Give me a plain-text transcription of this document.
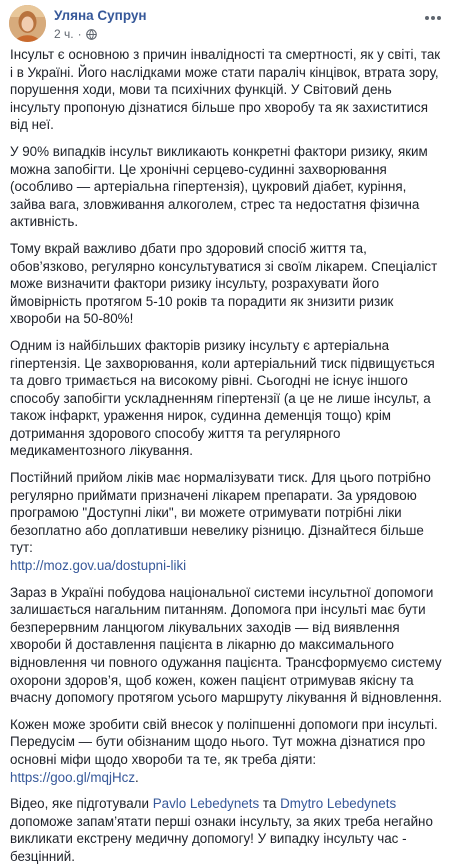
Уляна Супрун
2 ч. ·

Інсульт є основною з причин інвалідності та смертності, як у світі, так і в Україні. Його наслідками може стати параліч кінцівок, втрата зору, порушення ходи, мови та психічних функцій. У Світовий день інсульту пропоную дізнатися більше про хворобу та як захиститися від неї.

У 90% випадків інсульт викликають конкретні фактори ризику, яким можна запобігти. Це хронічні серцево-судинні захворювання (особливо — артеріальна гіпертензія), цукровий діабет, куріння, зайва вага, зловживання алкоголем, стрес та недостатня фізична активність.

Тому вкрай важливо дбати про здоровий спосіб життя та, обов’язково, регулярно консультуватися зі своїм лікарем. Спеціаліст може визначити фактори ризику інсульту, розрахувати його ймовірність протягом 5-10 років та порадити як знизити ризик хвороби на 50-80%!

Одним із найбільших факторів ризику інсульту є артеріальна гіпертензія. Це захворювання, коли артеріальний тиск підвищується та довго тримається на високому рівні. Сьогодні не існує іншого способу запобігти ускладненням гіпертензії (а це не лише інсульт, а також інфаркт, ураження нирок, судинна деменція тощо) крім дотримання здорового способу життя та регулярного медикаментозного лікування.

Постійний прийом ліків має нормалізувати тиск. Для цього потрібно регулярно приймати призначені лікарем препарати. За урядовою програмою "Доступні ліки", ви можете отримувати потрібні ліки безоплатно або доплативши невелику різницю. Дізнайтеся більше тут:
http://moz.gov.ua/dostupni-liki

Зараз в Україні побудова національної системи інсультної допомоги залишається нагальним питанням. Допомога при інсульті має бути безперервним ланцюгом лікувальних заходів — від виявлення хвороби й доставлення пацієнта в лікарню до максимального відновлення чи повного одужання пацієнта. Трансформуємо систему охорони здоров’я, щоб кожен, кожен пацієнт отримував якісну та вчасну допомогу протягом усього маршруту лікування й відновлення.

Кожен може зробити свій внесок у поліпшенні допомоги при інсульті. Передусім — бути обізнаним щодо нього. Тут можна дізнатися про основні міфи щодо хвороби та те, як треба діяти: https://goo.gl/mqjHcz.

Відео, яке підготували Pavlo Lebedynets та Dmytro Lebedynets допоможе запам’ятати перші ознаки інсульту, за яких треба негайно викликати екстрену медичну допомогу! У випадку інсульту час - безцінний.
